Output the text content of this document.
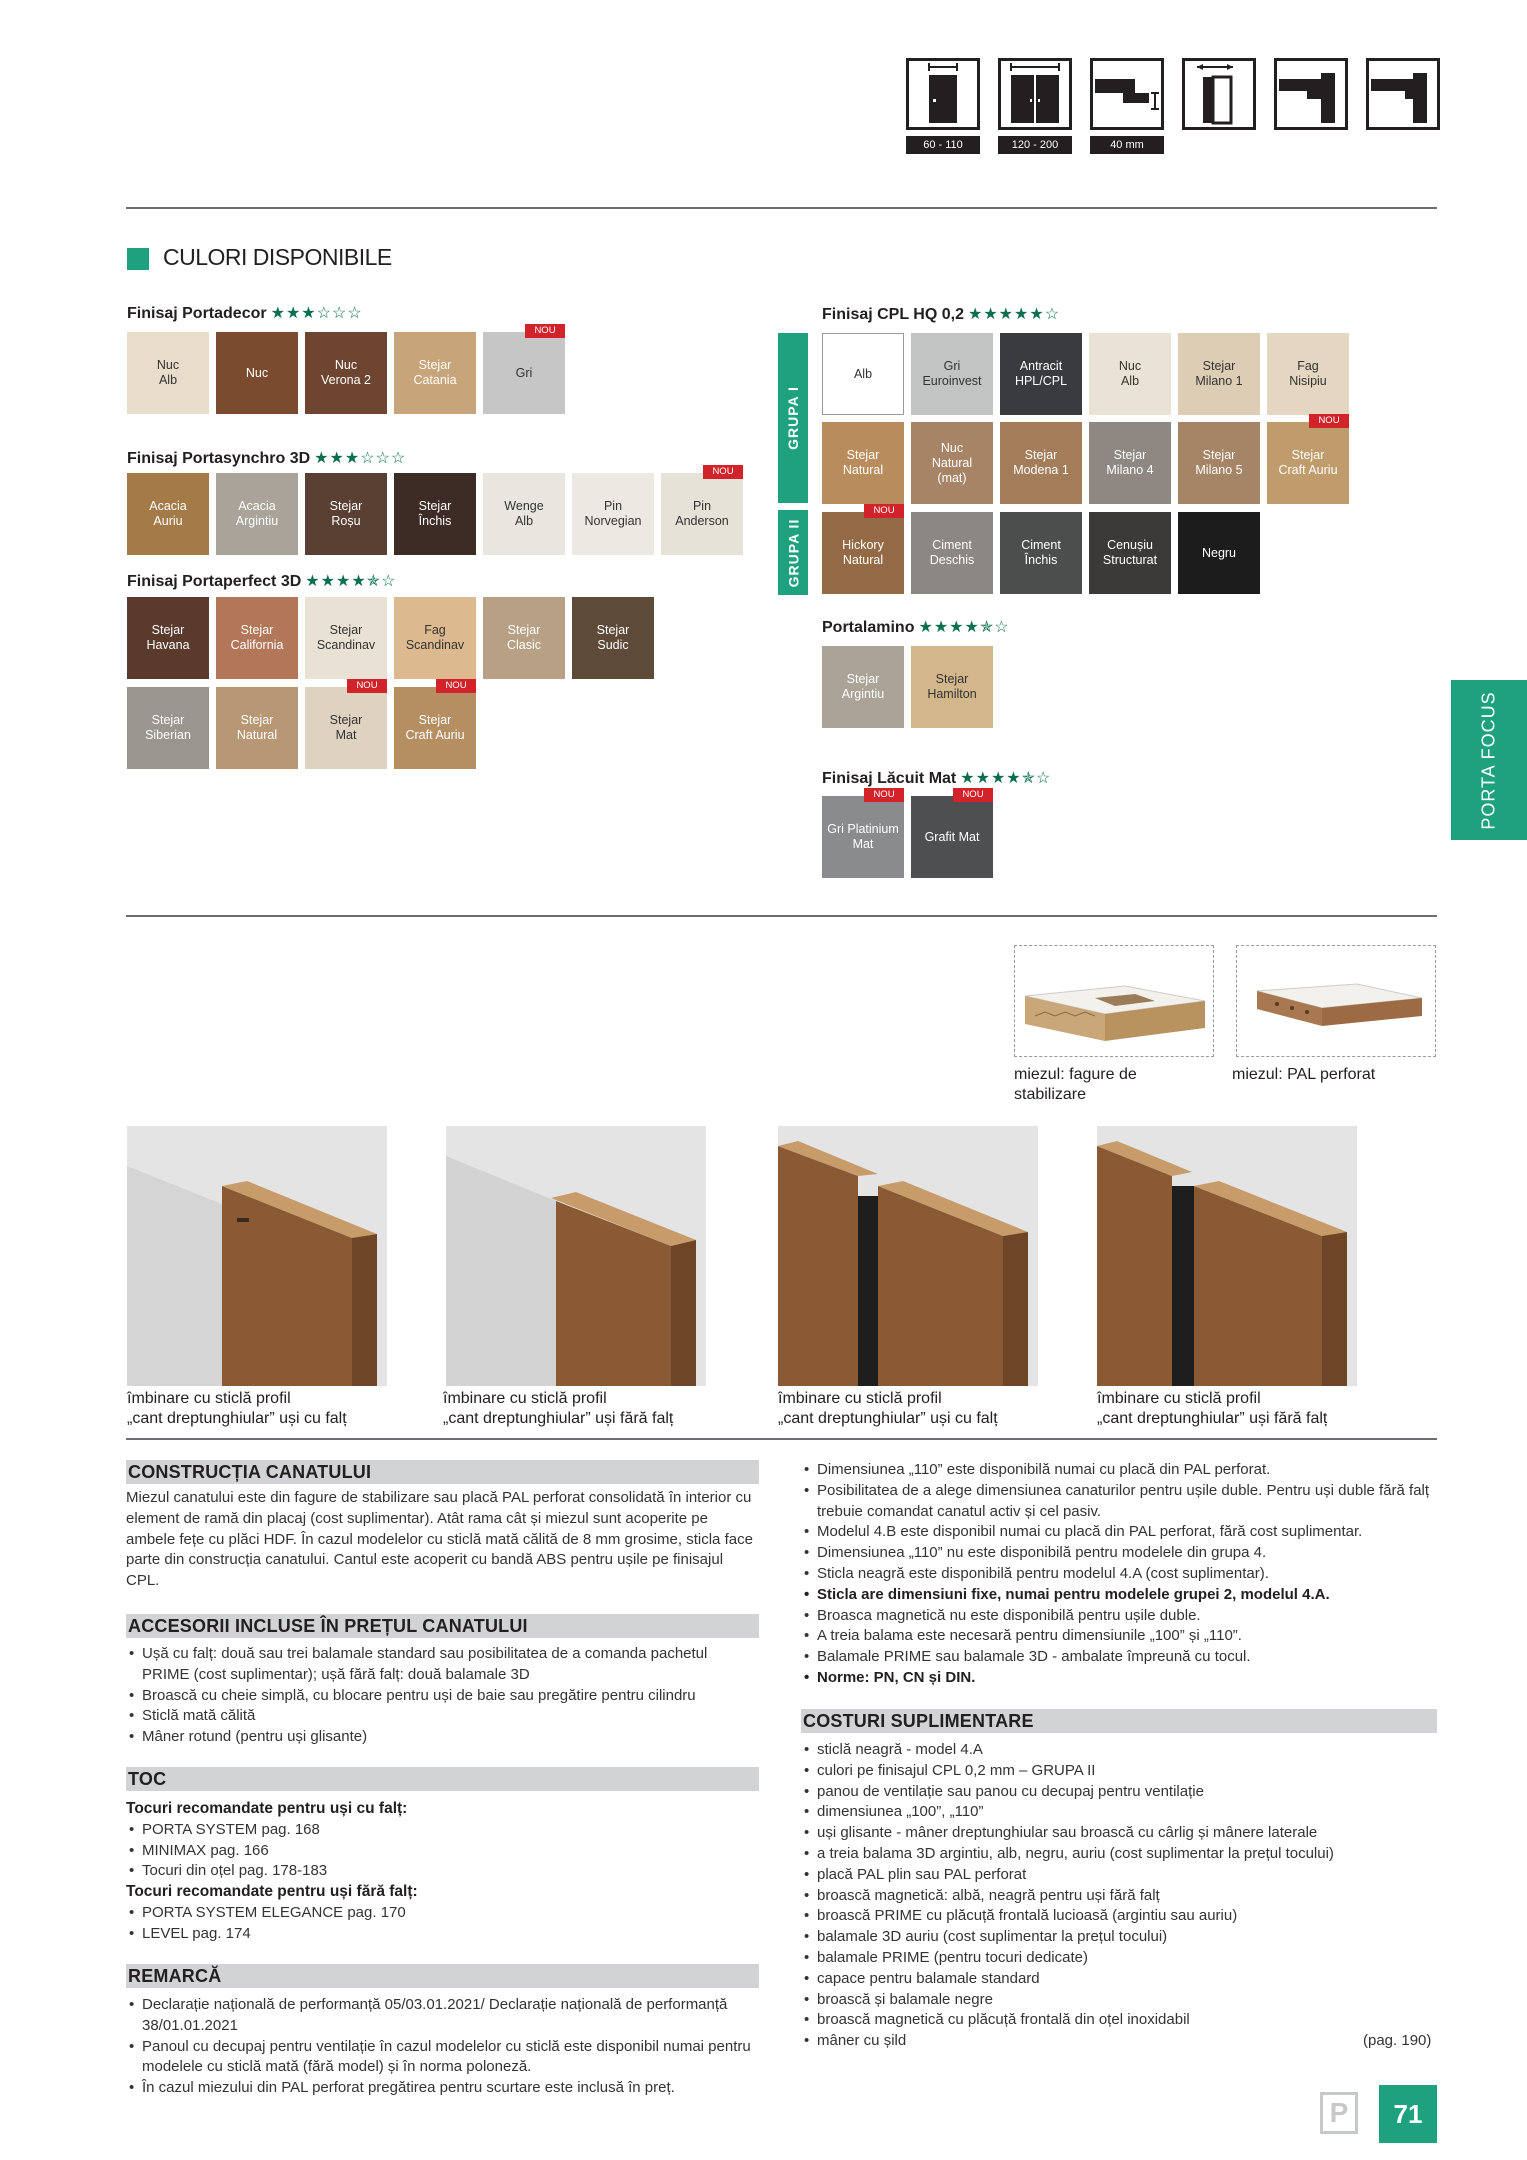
60 - 110	120 - 200	40 mm
CULORI DISPONIBILE
PORTA FOCUS
Finisaj Portadecor ★★★☆☆☆
Nuc
Alb
Nuc
Nuc
Verona 2
Stejar
Catania
Gri
NOU
Finisaj Portasynchro 3D ★★★☆☆☆
Acacia
Auriu
Acacia
Argintiu
Stejar
Roșu
Stejar
Închis
Wenge
Alb
Pin
Norvegian
Pin
Anderson
NOU
Finisaj Portaperfect 3D ★★★★✯☆
Stejar
Havana
Stejar
California
Stejar
Scandinav
Fag
Scandinav
Stejar
Clasic
Stejar
Sudic
Stejar
Siberian
Stejar
Natural
Stejar
Mat
NOU
Stejar
Craft Auriu
NOU
Finisaj CPL HQ 0,2 ★★★★★☆
GRUPA I
GRUPA II
Alb
Gri
Euroinvest
Antracit
HPL/CPL
Nuc
Alb
Stejar
Milano 1
Fag
Nisipiu
Stejar
Natural
Nuc
Natural
(mat)
Stejar
Modena 1
Stejar
Milano 4
Stejar
Milano 5
Stejar
Craft Auriu
NOU
Hickory
Natural
NOU
Ciment
Deschis
Ciment
Închis
Cenușiu
Structurat
Negru
Portalamino ★★★★✯☆
Stejar
Argintiu
Stejar
Hamilton
Finisaj Lăcuit Mat ★★★★✯☆
Gri Platinium
Mat
NOU
Grafit Mat
NOU
miezul: fagure de
stabilizare
miezul: PAL perforat
îmbinare cu sticlă profil
„cant dreptunghiular” uși cu falț
îmbinare cu sticlă profil
„cant dreptunghiular” uși fără falț
îmbinare cu sticlă profil
„cant dreptunghiular” uși cu falț
îmbinare cu sticlă profil
„cant dreptunghiular” uși fără falț
CONSTRUCȚIA CANATULUI

Miezul canatului este din fagure de stabilizare sau placă PAL perforat consolidată în interior cu element de ramă din placaj (cost suplimentar). Atât rama cât și miezul sunt acoperite pe ambele fețe cu plăci HDF. În cazul modelelor cu sticlă mată călită de 8 mm grosime, sticla face parte din construcția canatului. Cantul este acoperit cu bandă ABS pentru ușile pe finisajul CPL.

ACCESORII INCLUSE ÎN PREȚUL CANATULUI
• Ușă cu falț: două sau trei balamale standard sau posibilitatea de a comanda pachetul PRIME (cost suplimentar); ușă fără falț: două balamale 3D
• Broască cu cheie simplă, cu blocare pentru uși de baie sau pregătire pentru cilindru
• Sticlă mată călită
• Mâner rotund (pentru uși glisante)
TOC
Tocuri recomandate pentru uși cu falț:
• PORTA SYSTEM pag. 168
• MINIMAX pag. 166
• Tocuri din oțel pag. 178-183
Tocuri recomandate pentru uși fără falț:
• PORTA SYSTEM ELEGANCE pag. 170
• LEVEL pag. 174
REMARCĂ
• Declarație națională de performanță 05/03.01.2021/ Declarație națională de performanță 38/01.01.2021
• Panoul cu decupaj pentru ventilație în cazul modelelor cu sticlă este disponibil numai pentru modelele cu sticlă mată (fără model) și în norma poloneză.
• În cazul miezului din PAL perforat pregătirea pentru scurtare este inclusă în preț.
• Dimensiunea „110” este disponibilă numai cu placă din PAL perforat.
• Posibilitatea de a alege dimensiunea canaturilor pentru ușile duble. Pentru uși duble fără falț trebuie comandat canatul activ și cel pasiv.
• Modelul 4.B este disponibil numai cu placă din PAL perforat, fără cost suplimentar.
• Dimensiunea „110” nu este disponibilă pentru modelele din grupa 4.
• Sticla neagră este disponibilă pentru modelul 4.A (cost suplimentar).
• Sticla are dimensiuni fixe, numai pentru modelele grupei 2, modelul 4.A.
• Broasca magnetică nu este disponibilă pentru ușile duble.
• A treia balama este necesară pentru dimensiunile „100” și „110”.
• Balamale PRIME sau balamale 3D - ambalate împreună cu tocul.
• Norme: PN, CN și DIN.
COSTURI SUPLIMENTARE
• sticlă neagră - model 4.A
• culori pe finisajul CPL 0,2 mm – GRUPA II
• panou de ventilație sau panou cu decupaj pentru ventilație
• dimensiunea „100”, „110”
• uși glisante - mâner dreptunghiular sau broască cu cârlig și mânere laterale
• a treia balama 3D argintiu, alb, negru, auriu (cost suplimentar la prețul tocului)
• placă PAL plin sau PAL perforat
• broască magnetică: albă, neagră pentru uși fără falț
• broască PRIME cu plăcuță frontală lucioasă (argintiu sau auriu)
• balamale 3D auriu (cost suplimentar la prețul tocului)
• balamale PRIME (pentru tocuri dedicate)
• capace pentru balamale standard
• broască și balamale negre
• broască magnetică cu plăcuță frontală din oțel inoxidabil
• mâner cu șild	(pag. 190)
P	71
